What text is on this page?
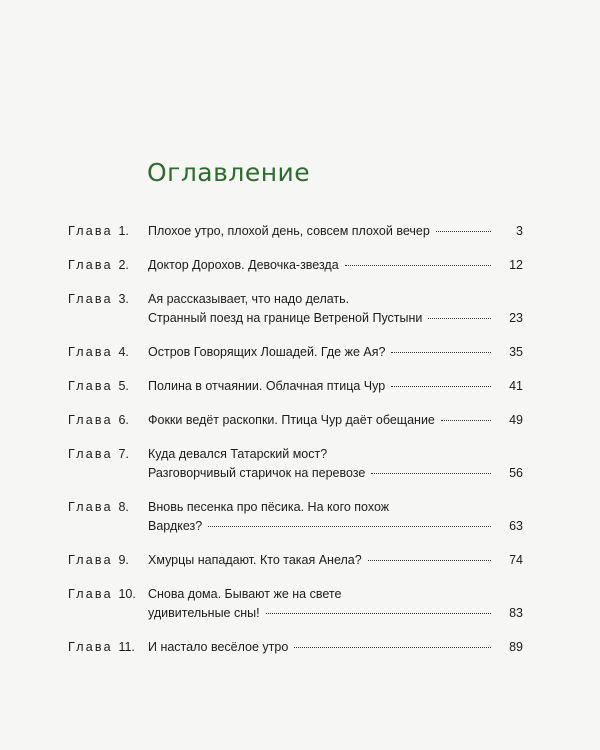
Оглавление
Глава 1.	Плохое утро, плохой день, совсем плохой вечер	3
Глава 2.	Доктор Дорохов. Девочка-звезда	12
Глава 3.	Ая рассказывает, что надо делать.
Странный поезд на границе Ветреной Пустыни	23
Глава 4.	Остров Говорящих Лошадей. Где же Ая?	35
Глава 5.	Полина в отчаянии. Облачная птица Чур	41
Глава 6.	Фокки ведёт раскопки. Птица Чур даёт обещание	49
Глава 7.	Куда девался Татарский мост?
Разговорчивый старичок на перевозе	56
Глава 8.	Вновь песенка про пёсика. На кого похож
Вардкез?	63
Глава 9.	Хмурцы нападают. Кто такая Анела?	74
Глава 10. Снова дома. Бывают же на свете
удивительные сны!	83
Глава 11.	И настало весёлое утро	89
